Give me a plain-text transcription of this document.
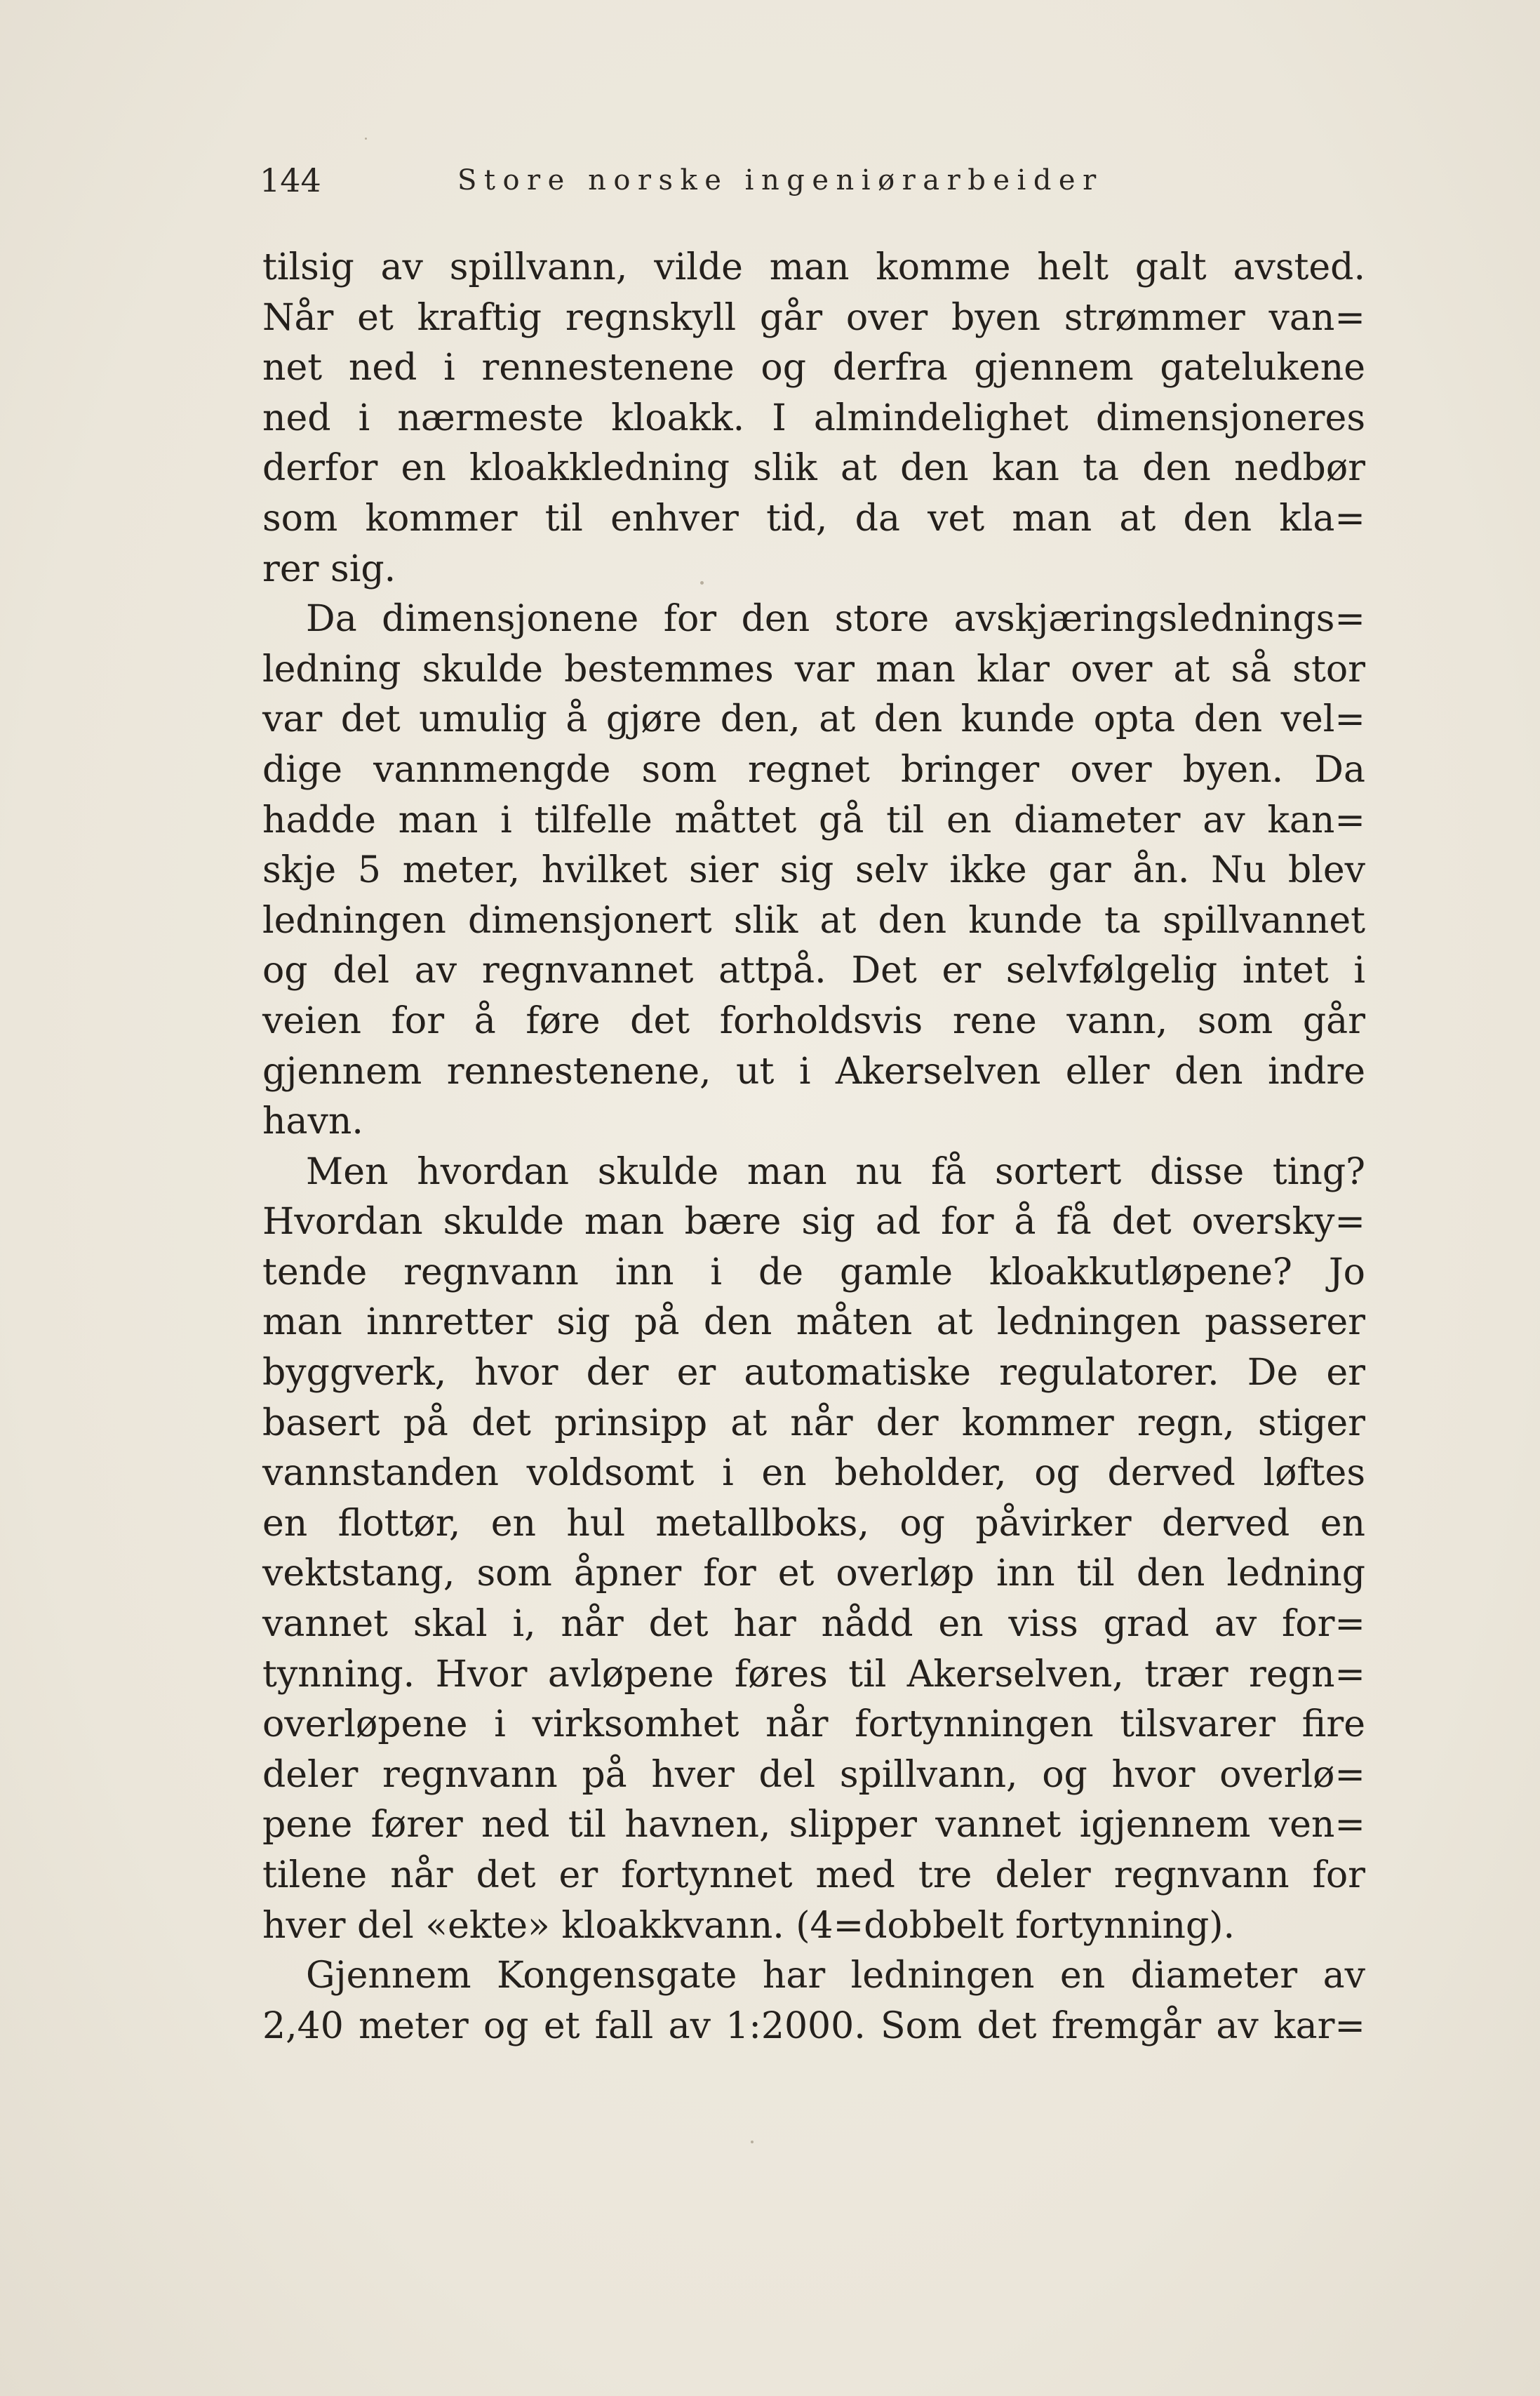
144	Store norske ingeniørarbeider
tilsig av spillvann, vilde man komme helt galt avsted.
Når et kraftig regnskyll går over byen strømmer van=
net ned i rennestenene og derfra gjennem gatelukene
ned i nærmeste kloakk. I almindelighet dimensjoneres
derfor en kloakkledning slik at den kan ta den nedbør
som kommer til enhver tid, da vet man at den kla=
rer sig.
Da dimensjonene for den store avskjæringslednings=
ledning skulde bestemmes var man klar over at så stor
var det umulig å gjøre den, at den kunde opta den vel=
dige vannmengde som regnet bringer over byen. Da
hadde man i tilfelle måttet gå til en diameter av kan=
skje 5 meter, hvilket sier sig selv ikke gar ån. Nu blev
ledningen dimensjonert slik at den kunde ta spillvannet
og del av regnvannet attpå. Det er selvfølgelig intet i
veien for å føre det forholdsvis rene vann, som går
gjennem rennestenene, ut i Akerselven eller den indre
havn.
Men hvordan skulde man nu få sortert disse ting?
Hvordan skulde man bære sig ad for å få det oversky=
tende regnvann inn i de gamle kloakkutløpene? Jo
man innretter sig på den måten at ledningen passerer
byggverk, hvor der er automatiske regulatorer. De er
basert på det prinsipp at når der kommer regn, stiger
vannstanden voldsomt i en beholder, og derved løftes
en flottør, en hul metallboks, og påvirker derved en
vektstang, som åpner for et overløp inn til den ledning
vannet skal i, når det har nådd en viss grad av for=
tynning. Hvor avløpene føres til Akerselven, trær regn=
overløpene i virksomhet når fortynningen tilsvarer fire
deler regnvann på hver del spillvann, og hvor overlø=
pene fører ned til havnen, slipper vannet igjennem ven=
tilene når det er fortynnet med tre deler regnvann for
hver del «ekte» kloakkvann. (4=dobbelt fortynning).
Gjennem Kongensgate har ledningen en diameter av
2,40 meter og et fall av 1:2000. Som det fremgår av kar=
